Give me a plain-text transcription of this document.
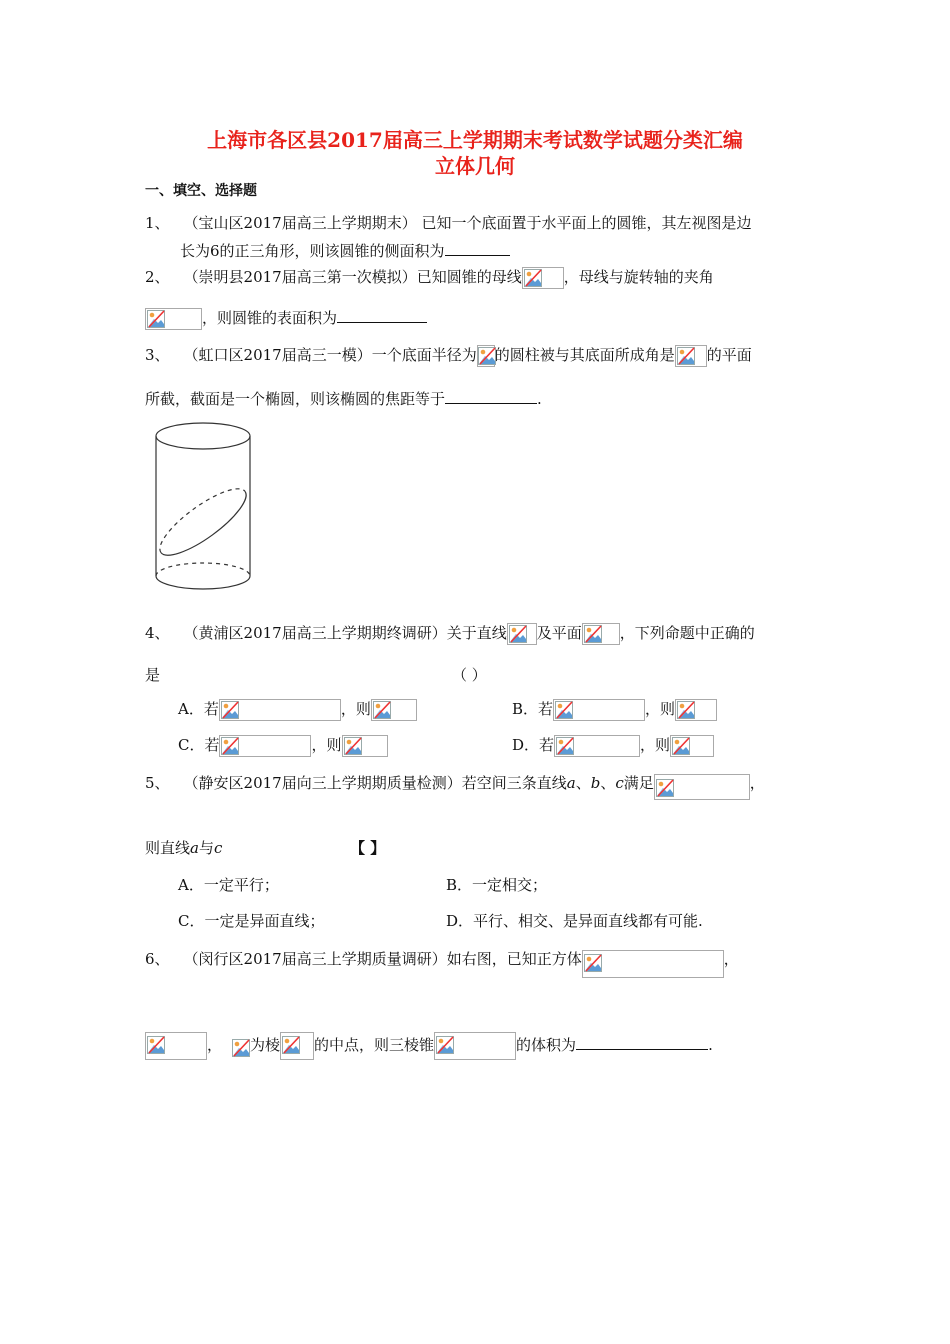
上海市各区县2017届高三上学期期末考试数学试题分类汇编
立体几何
一、填空、选择题
1、 （宝山区2017届高三上学期期末） 已知一个底面置于水平面上的圆锥，其左视图是边
长为6的正三角形，则该圆锥的侧面积为
2、 （崇明县2017届高三第一次模拟）已知圆锥的母线	，母线与旋转轴的夹角
，则圆锥的表面积为
3、 （虹口区2017届高三一模）一个底面半径为 的圆柱被与其底面所成角是 的平面
所截，截面是一个椭圆，则该椭圆的焦距等于	.
4、 （黄浦区2017届高三上学期期终调研）关于直线 及平面	，下列命题中正确的
是	（ ）
A．若	，则	B．若	，则
C．若	，则	D．若	，则
5、 （静安区2017届向三上学期期质量检测）若空间三条直线a、b、c满足	，
则直线a与c	【 】
A．一定平行；	B．一定相交；
C．一定是异面直线；	D．平行、相交、是异面直线都有可能.
6、 （闵行区2017届高三上学期质量调研）如右图，已知正方体	，
， 为棱 的中点，则三棱锥	的体积为	.
